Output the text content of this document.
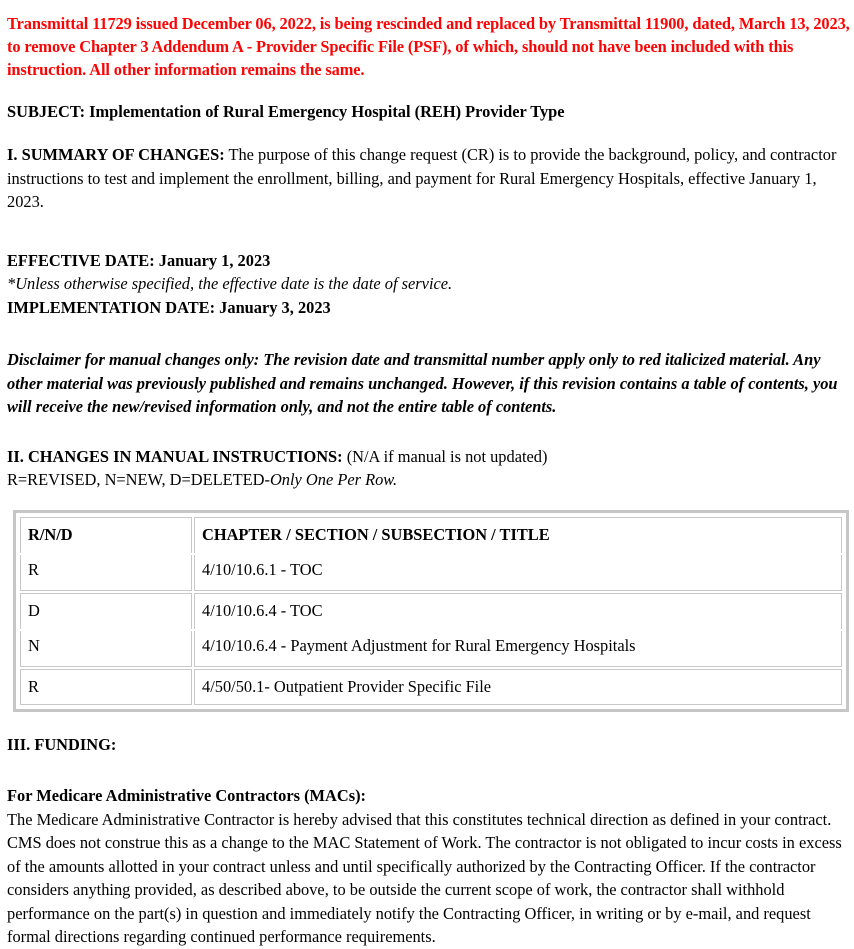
Transmittal 11729 issued December 06, 2022, is being rescinded and replaced by Transmittal 11900, dated, March 13, 2023, to remove Chapter 3 Addendum A - Provider Specific File (PSF), of which, should not have been included with this instruction. All other information remains the same.

SUBJECT: Implementation of Rural Emergency Hospital (REH) Provider Type

I. SUMMARY OF CHANGES: The purpose of this change request (CR) is to provide the background, policy, and contractor instructions to test and implement the enrollment, billing, and payment for Rural Emergency Hospitals, effective January 1, 2023.

EFFECTIVE DATE: January 1, 2023
*Unless otherwise specified, the effective date is the date of service.
IMPLEMENTATION DATE: January 3, 2023

Disclaimer for manual changes only: The revision date and transmittal number apply only to red italicized material. Any other material was previously published and remains unchanged. However, if this revision contains a table of contents, you will receive the new/revised information only, and not the entire table of contents.

II. CHANGES IN MANUAL INSTRUCTIONS: (N/A if manual is not updated)
R=REVISED, N=NEW, D=DELETED-Only One Per Row.
R/N/D	CHAPTER / SECTION / SUBSECTION / TITLE
R	4/10/10.6.1 - TOC
D	4/10/10.6.4 - TOC
N	4/10/10.6.4 - Payment Adjustment for Rural Emergency Hospitals
R	4/50/50.1- Outpatient Provider Specific File

III. FUNDING:

For Medicare Administrative Contractors (MACs):

The Medicare Administrative Contractor is hereby advised that this constitutes technical direction as defined in your contract. CMS does not construe this as a change to the MAC Statement of Work. The contractor is not obligated to incur costs in excess of the amounts allotted in your contract unless and until specifically authorized by the Contracting Officer. If the contractor considers anything provided, as described above, to be outside the current scope of work, the contractor shall withhold performance on the part(s) in question and immediately notify the Contracting Officer, in writing or by e-mail, and request formal directions regarding continued performance requirements.
